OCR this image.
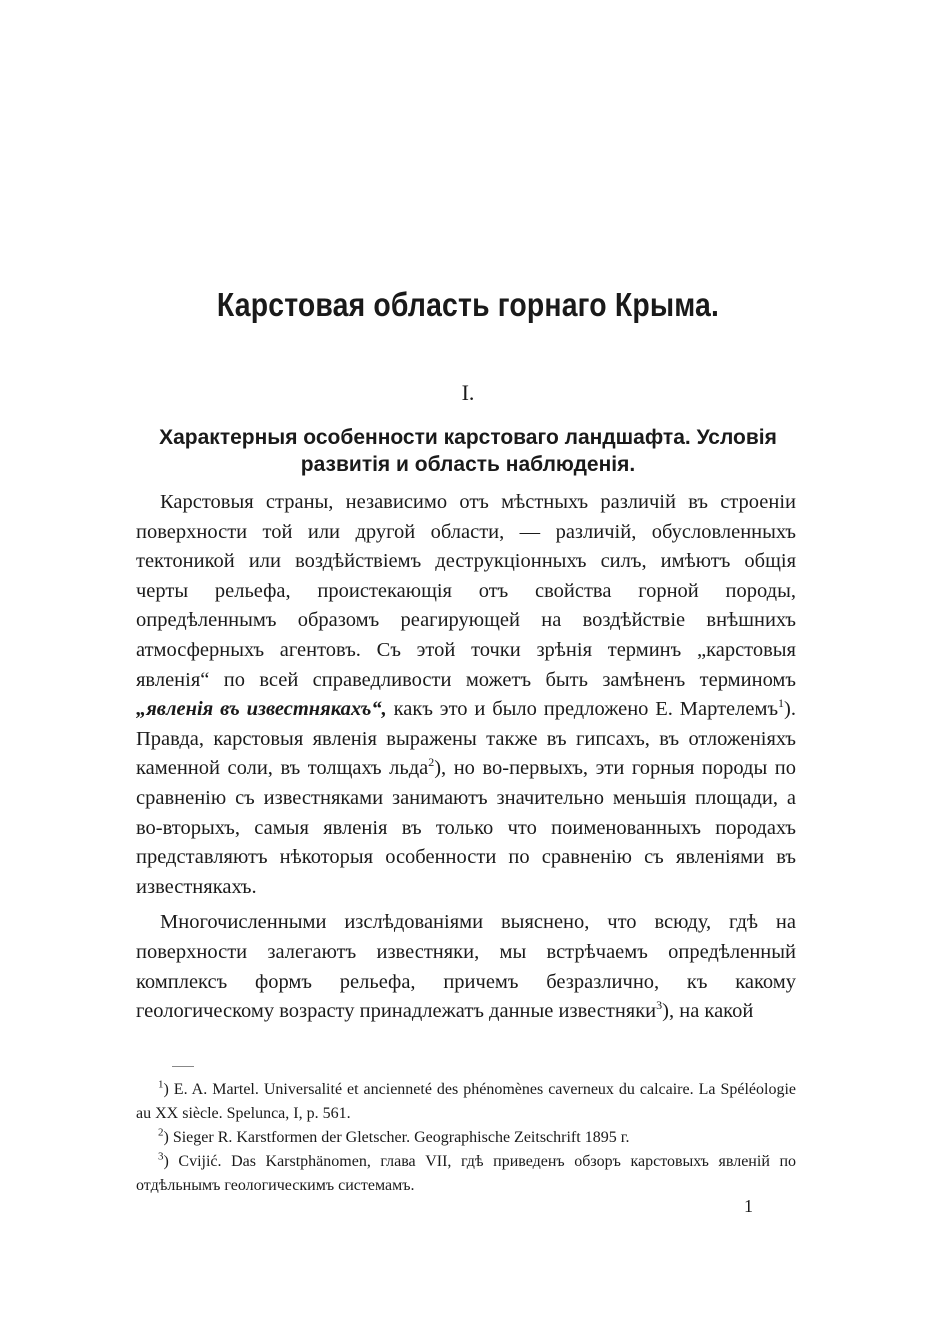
Карстовая область горнаго Крыма.
I.
Характерныя особенности карстоваго ландшафта. Условія развитія и область наблюденія.

Карстовыя страны, независимо отъ мѣстныхъ различій въ строеніи поверхности той или другой области, — различій, обусловленныхъ тектоникой или воздѣйствіемъ деструкціонныхъ силъ, имѣютъ общія черты рельефа, проистекающія отъ свойства горной породы, опредѣленнымъ образомъ реагирующей на воздѣйствіе внѣшнихъ атмосферныхъ агентовъ. Съ этой точки зрѣнія терминъ „карстовыя явленія“ по всей справедливости можетъ быть замѣненъ терминомъ „явленія въ известнякахъ“, какъ это и было предложено Е. Мартелемъ$^1$). Правда, карстовыя явленія выражены также въ гипсахъ, въ отложеніяхъ каменной соли, въ толщахъ льда$^2$), но во-первыхъ, эти горныя породы по сравненію съ известняками занимаютъ значительно меньшія площади, а во-вторыхъ, самыя явленія въ только что поименованныхъ породахъ представляютъ нѣкоторыя особенности по сравненію съ явленіями въ известнякахъ.

Многочисленными изслѣдованіями выяснено, что всюду, гдѣ на поверхности залегаютъ известняки, мы встрѣчаемъ опредѣленный комплексъ формъ рельефа, причемъ безразлично, къ какому геологическому возрасту принадлежатъ данные известняки$^3$), на какой

$^1$) E. A. Martel. Universalité et ancienneté des phénomènes caverneux du calcaire. La Spéléologie au XX siècle. Spelunca, I, p. 561.

$^2$) Sieger R. Karstformen der Gletscher. Geographische Zeitschrift 1895 г.

$^3$) Cvijić. Das Karstphänomen, глава VII, гдѣ приведенъ обзоръ карстовыхъ явленій по отдѣльнымъ геологическимъ системамъ.

1
